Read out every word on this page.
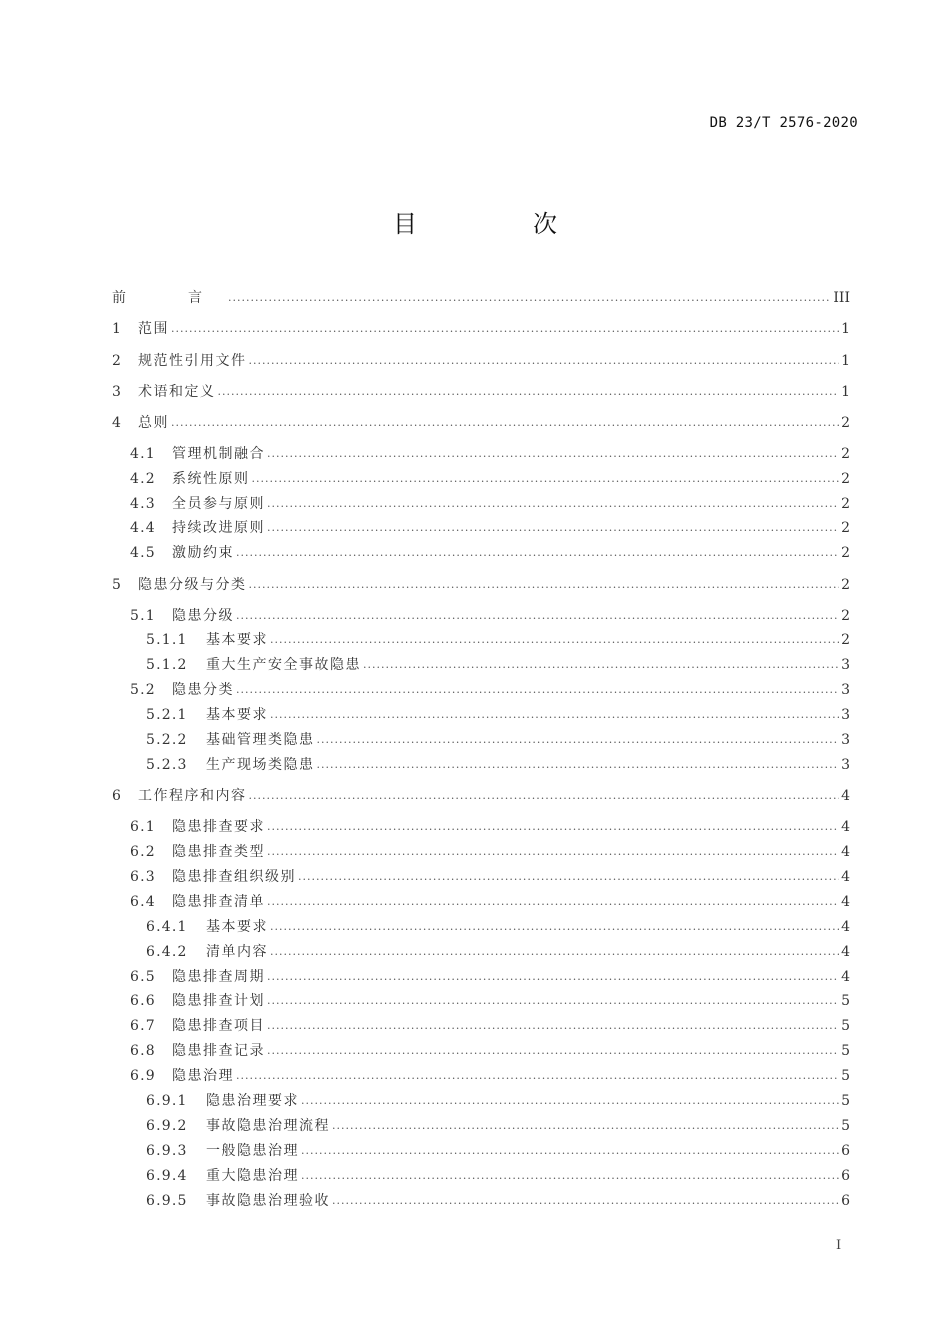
DB 23/T 2576-2020
目　次
前　言 .....	III
1	范围 .....	1
2	规范性引用文件 .....	1
3	术语和定义 .....	1
4	总则 .....	2
4.1	管理机制融合 .....	2
4.2	系统性原则 .....	2
4.3	全员参与原则 .....	2
4.4	持续改进原则 .....	2
4.5	激励约束 .....	2
5	隐患分级与分类 .....	2
5.1	隐患分级 .....	2
5.1.1	基本要求 .....	2
5.1.2	重大生产安全事故隐患 .....	3
5.2	隐患分类 .....	3
5.2.1	基本要求 .....	3
5.2.2	基础管理类隐患 .....	3
5.2.3	生产现场类隐患 .....	3
6	工作程序和内容 .....	4
6.1	隐患排查要求 .....	4
6.2	隐患排查类型 .....	4
6.3	隐患排查组织级别 .....	4
6.4	隐患排查清单 .....	4
6.4.1	基本要求 .....	4
6.4.2	清单内容 .....	4
6.5	隐患排查周期 .....	4
6.6	隐患排查计划 .....	5
6.7	隐患排查项目 .....	5
6.8	隐患排查记录 .....	5
6.9	隐患治理 .....	5
6.9.1	隐患治理要求 .....	5
6.9.2	事故隐患治理流程 .....	5
6.9.3	一般隐患治理 .....	6
6.9.4	重大隐患治理 .....	6
6.9.5	事故隐患治理验收 .....	6
I
